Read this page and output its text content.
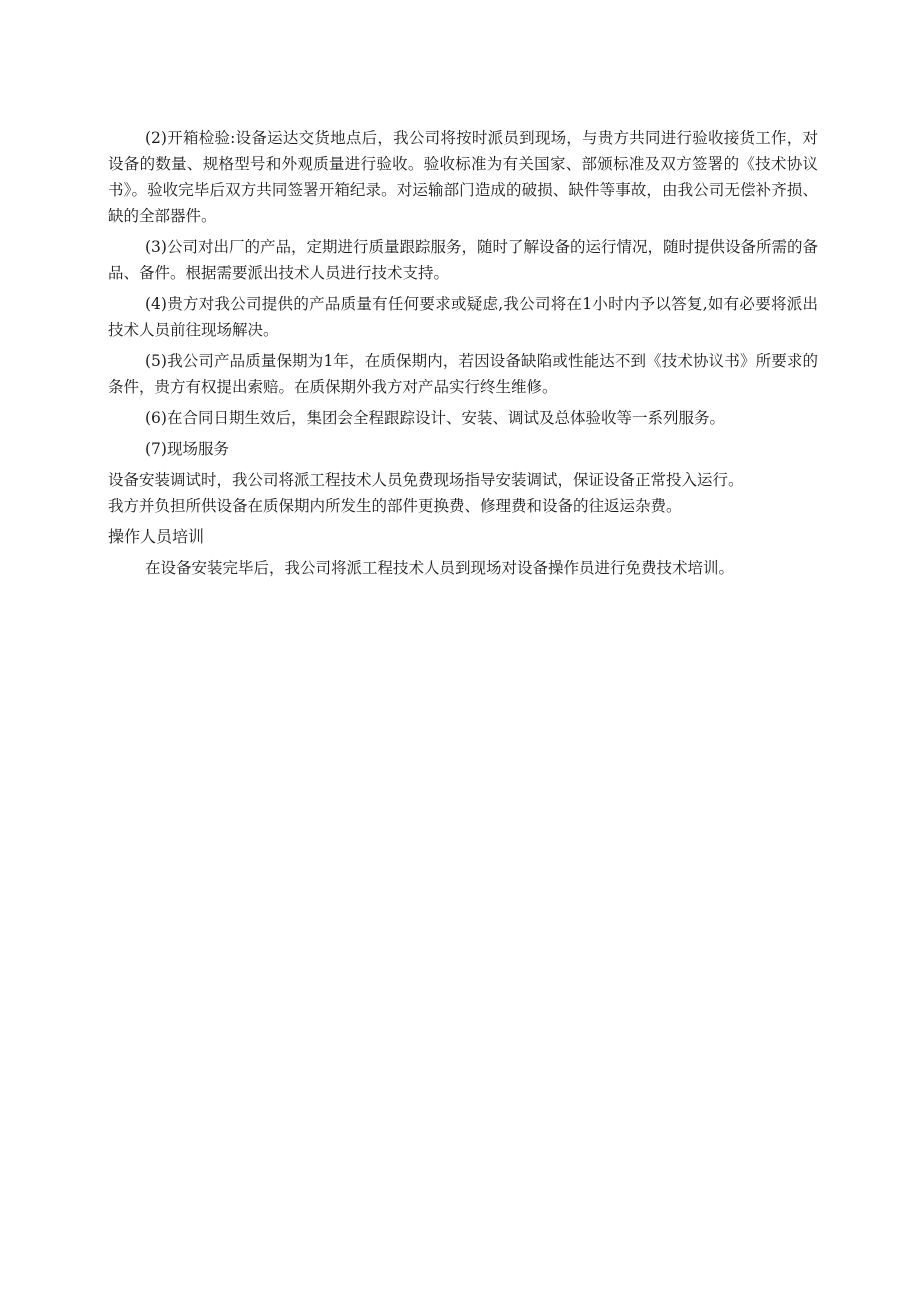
(2)开箱检验:设备运达交货地点后，我公司将按时派员到现场，与贵方共同进行验收接货工作，对设备的数量、规格型号和外观质量进行验收。验收标准为有关国家、部颁标准及双方签署的《技术协议书》。验收完毕后双方共同签署开箱纪录。对运输部门造成的破损、缺件等事故，由我公司无偿补齐损、缺的全部器件。

(3)公司对出厂的产品，定期进行质量跟踪服务，随时了解设备的运行情况，随时提供设备所需的备品、备件。根据需要派出技术人员进行技术支持。

(4)贵方对我公司提供的产品质量有任何要求或疑虑,我公司将在1小时内予以答复,如有必要将派出技术人员前往现场解决。

(5)我公司产品质量保期为1年，在质保期内，若因设备缺陷或性能达不到《技术协议书》所要求的条件，贵方有权提出索赔。在质保期外我方对产品实行终生维修。

(6)在合同日期生效后，集团会全程跟踪设计、安装、调试及总体验收等一系列服务。

(7)现场服务

设备安装调试时，我公司将派工程技术人员免费现场指导安装调试，保证设备正常投入运行。

我方并负担所供设备在质保期内所发生的部件更换费、修理费和设备的往返运杂费。

操作人员培训

在设备安装完毕后，我公司将派工程技术人员到现场对设备操作员进行免费技术培训。
